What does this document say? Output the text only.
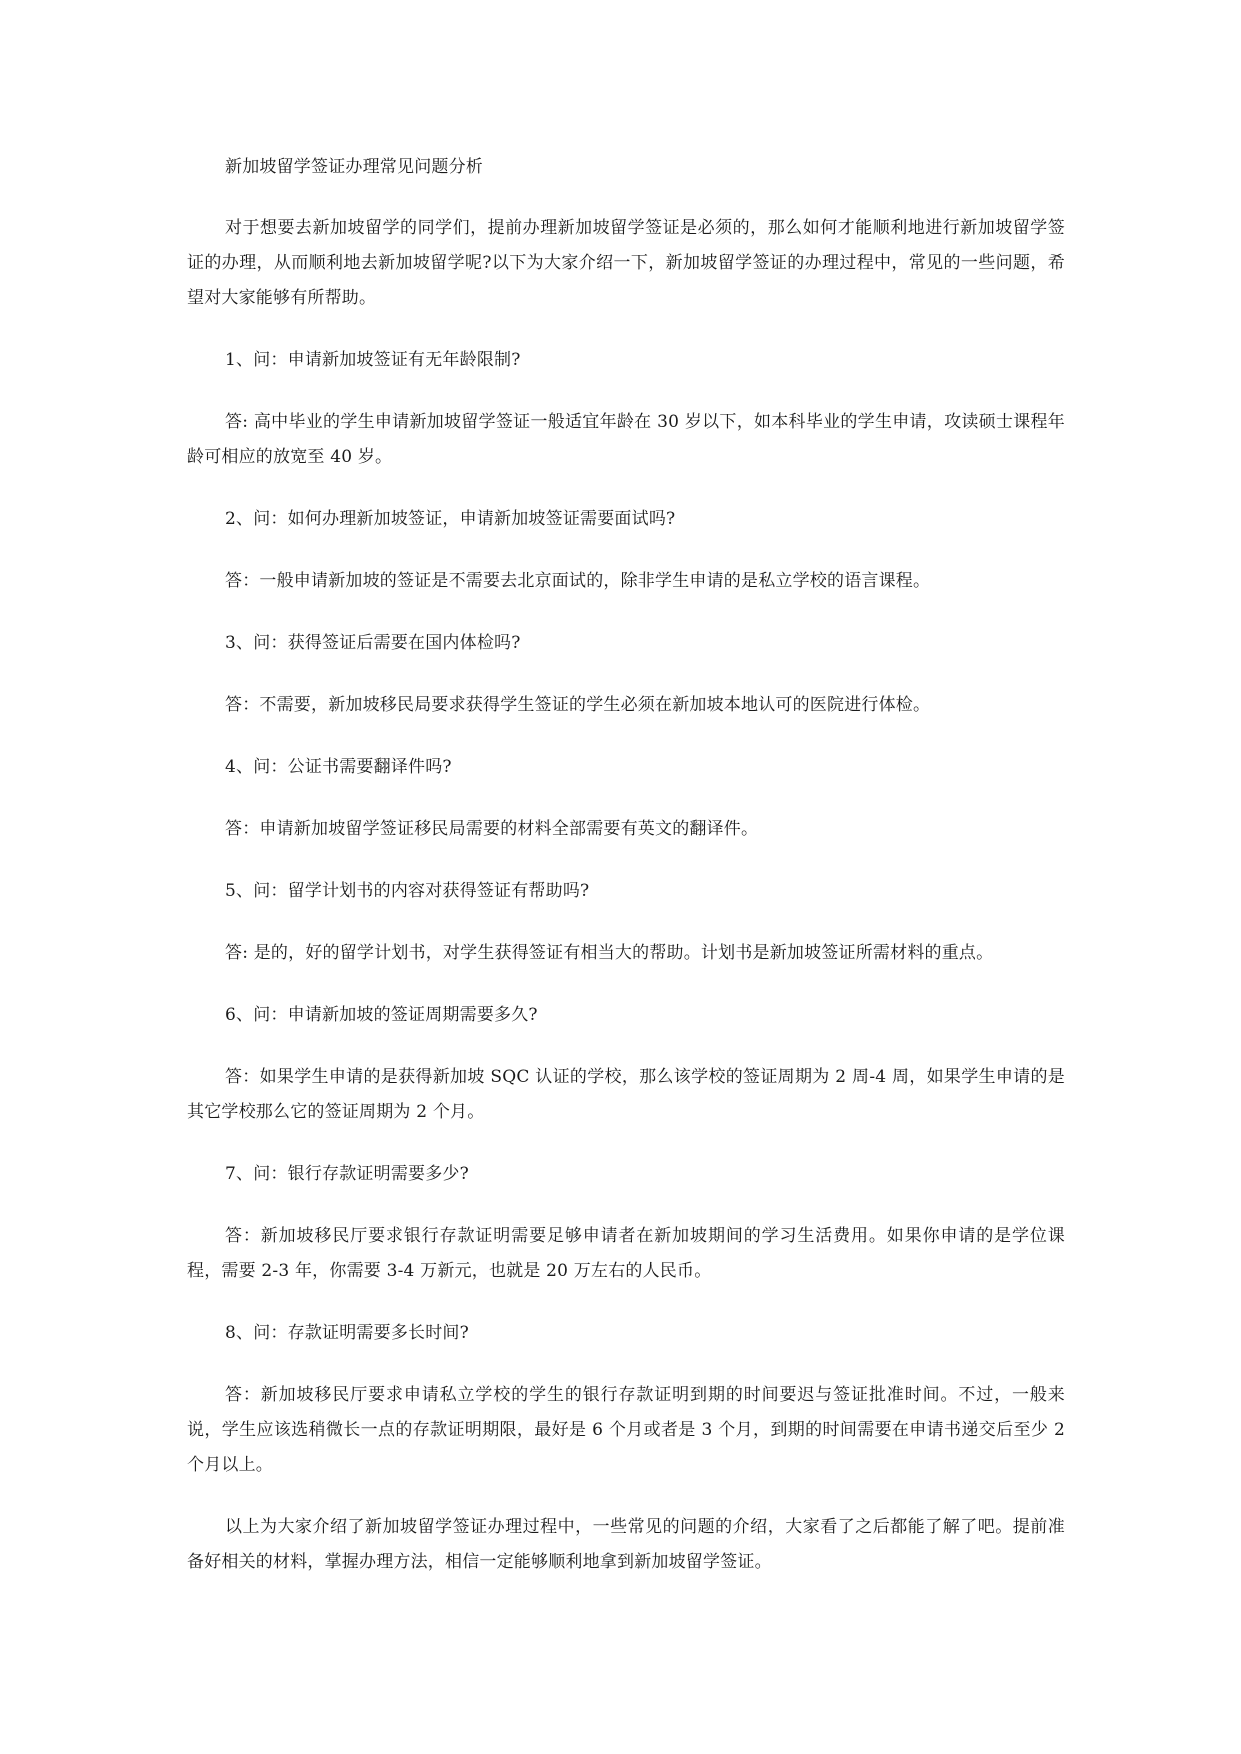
新加坡留学签证办理常见问题分析

对于想要去新加坡留学的同学们，提前办理新加坡留学签证是必须的，那么如何才能顺利地进行新加坡留学签证的办理，从而顺利地去新加坡留学呢?以下为大家介绍一下，新加坡留学签证的办理过程中，常见的一些问题，希望对大家能够有所帮助。

1、问：申请新加坡签证有无年龄限制?

答: 高中毕业的学生申请新加坡留学签证一般适宜年龄在 30 岁以下，如本科毕业的学生申请，攻读硕士课程年龄可相应的放宽至 40 岁。

2、问：如何办理新加坡签证，申请新加坡签证需要面试吗?

答：一般申请新加坡的签证是不需要去北京面试的，除非学生申请的是私立学校的语言课程。

3、问：获得签证后需要在国内体检吗?

答：不需要，新加坡移民局要求获得学生签证的学生必须在新加坡本地认可的医院进行体检。

4、问：公证书需要翻译件吗?

答：申请新加坡留学签证移民局需要的材料全部需要有英文的翻译件。

5、问：留学计划书的内容对获得签证有帮助吗?

答: 是的，好的留学计划书，对学生获得签证有相当大的帮助。计划书是新加坡签证所需材料的重点。

6、问：申请新加坡的签证周期需要多久?

答：如果学生申请的是获得新加坡 SQC 认证的学校，那么该学校的签证周期为 2 周-4 周，如果学生申请的是其它学校那么它的签证周期为 2 个月。

7、问：银行存款证明需要多少?

答：新加坡移民厅要求银行存款证明需要足够申请者在新加坡期间的学习生活费用。如果你申请的是学位课程，需要 2-3 年，你需要 3-4 万新元，也就是 20 万左右的人民币。

8、问：存款证明需要多长时间?

答：新加坡移民厅要求申请私立学校的学生的银行存款证明到期的时间要迟与签证批准时间。不过，一般来说，学生应该选稍微长一点的存款证明期限，最好是 6 个月或者是 3 个月，到期的时间需要在申请书递交后至少 2 个月以上。

以上为大家介绍了新加坡留学签证办理过程中，一些常见的问题的介绍，大家看了之后都能了解了吧。提前准备好相关的材料，掌握办理方法，相信一定能够顺利地拿到新加坡留学签证。
